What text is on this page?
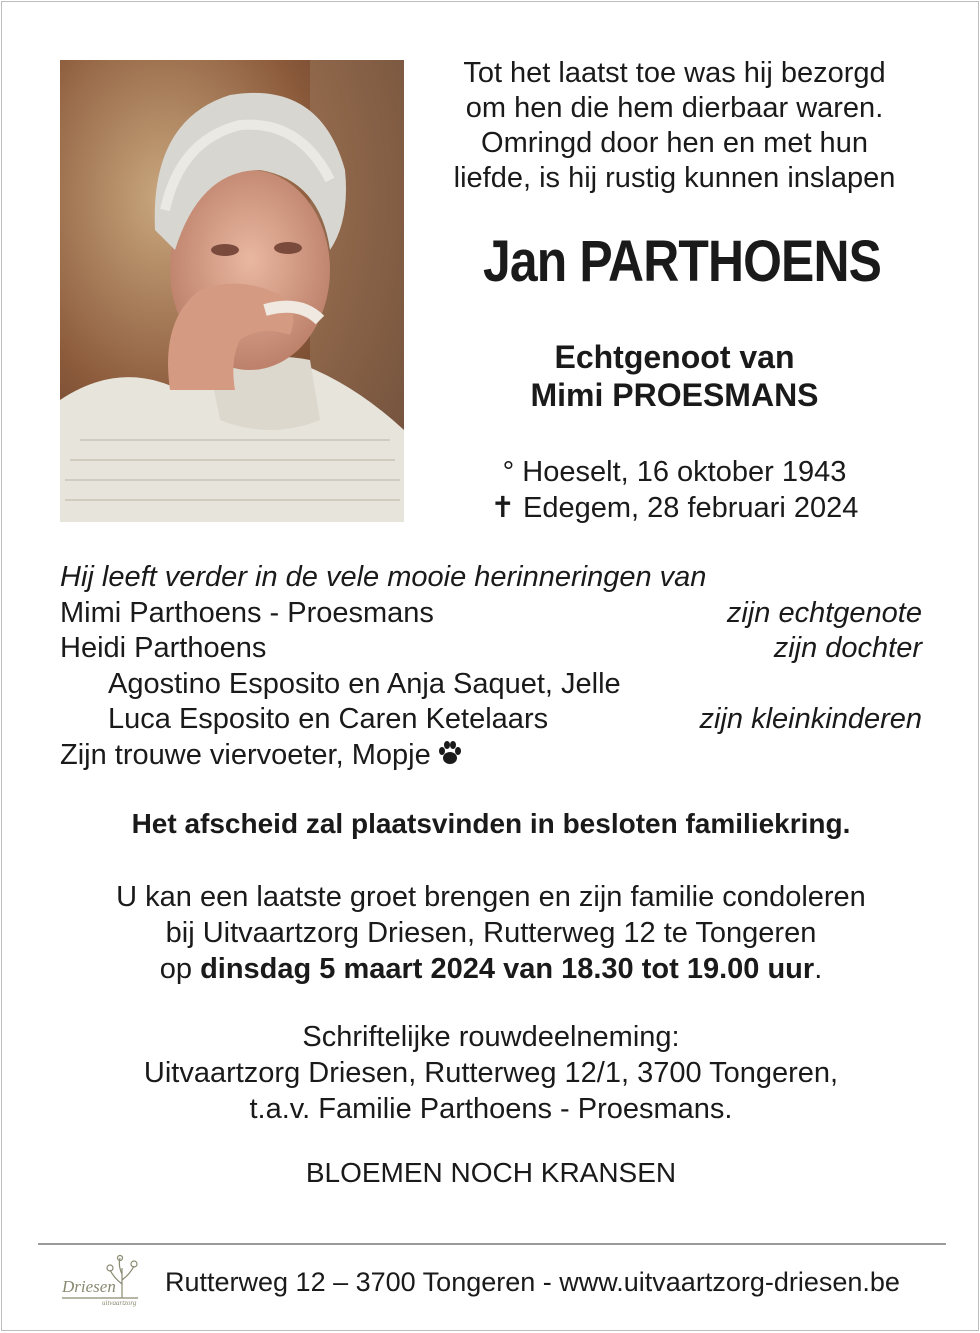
Tot het laatst toe was hij bezorgd
om hen die hem dierbaar waren.
Omringd door hen en met hun
liefde, is hij rustig kunnen inslapen
Jan PARTHOENS
Echtgenoot van
Mimi PROESMANS
° Hoeselt, 16 oktober 1943
✝ Edegem, 28 februari 2024
Hij leeft verder in de vele mooie herinneringen van
Mimi Parthoens - Proesmans	zijn echtgenote
Heidi Parthoens	zijn dochter
Agostino Esposito en Anja Saquet, Jelle
Luca Esposito en Caren Ketelaars	zijn kleinkinderen
Zijn trouwe viervoeter, Mopje
Het afscheid zal plaatsvinden in besloten familiekring.
U kan een laatste groet brengen en zijn familie condoleren
bij Uitvaartzorg Driesen, Rutterweg 12 te Tongeren
op dinsdag 5 maart 2024 van 18.30 tot 19.00 uur.
Schriftelijke rouwdeelneming:
Uitvaartzorg Driesen, Rutterweg 12/1, 3700 Tongeren,
t.a.v. Familie Parthoens - Proesmans.
BLOEMEN NOCH KRANSEN
Driesen
uitvaartzorg
Rutterweg 12 – 3700 Tongeren - www.uitvaartzorg-driesen.be
